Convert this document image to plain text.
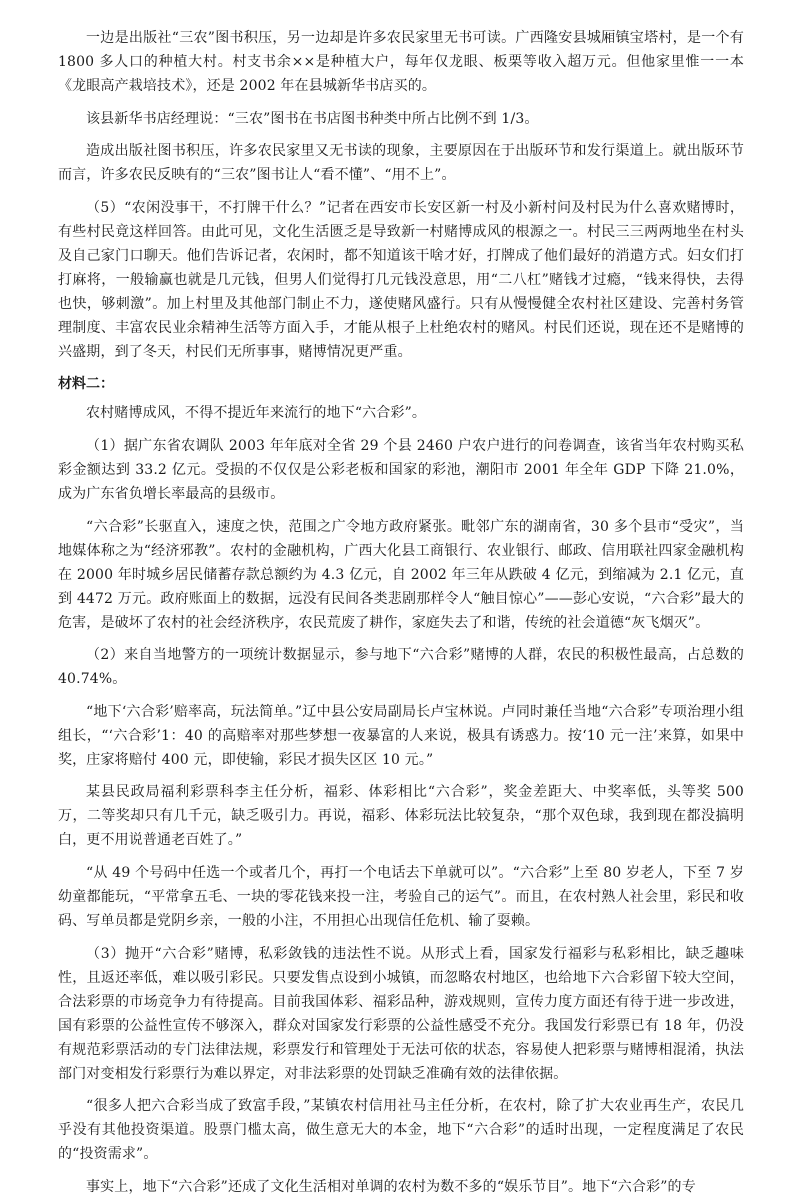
一边是出版社“三农”图书积压，另一边却是许多农民家里无书可读。广西隆安县城厢镇宝塔村，是一个有 1800 多人口的种植大村。村支书余××是种植大户，每年仅龙眼、板栗等收入超万元。但他家里惟一一本《龙眼高产栽培技术》，还是 2002 年在县城新华书店买的。

该县新华书店经理说：“三农”图书在书店图书种类中所占比例不到 1/3。

造成出版社图书积压，许多农民家里又无书读的现象，主要原因在于出版环节和发行渠道上。就出版环节而言，许多农民反映有的“三农”图书让人“看不懂”、“用不上”。

（5）“农闲没事干，不打牌干什么？”记者在西安市长安区新一村及小新村问及村民为什么喜欢赌博时，有些村民竟这样回答。由此可见，文化生活匮乏是导致新一村赌博成风的根源之一。村民三三两两地坐在村头及自己家门口聊天。他们告诉记者，农闲时，都不知道该干啥才好，打牌成了他们最好的消遣方式。妇女们打打麻将，一般输赢也就是几元钱，但男人们觉得打几元钱没意思，用“二八杠”赌钱才过瘾，“钱来得快，去得也快，够刺激”。加上村里及其他部门制止不力，遂使赌风盛行。只有从慢慢健全农村社区建设、完善村务管理制度、丰富农民业余精神生活等方面入手，才能从根子上杜绝农村的赌风。村民们还说，现在还不是赌博的兴盛期，到了冬天，村民们无所事事，赌博情况更严重。

材料二：

农村赌博成风，不得不提近年来流行的地下“六合彩”。

（1）据广东省农调队 2003 年年底对全省 29 个县 2460 户农户进行的问卷调查，该省当年农村购买私彩金额达到 33.2 亿元。受损的不仅仅是公彩老板和国家的彩池，潮阳市 2001 年全年 GDP 下降 21.0%，成为广东省负增长率最高的县级市。

“六合彩”长驱直入，速度之快，范围之广令地方政府紧张。毗邻广东的湖南省，30 多个县市“受灾”，当地媒体称之为“经济邪教”。农村的金融机构，广西大化县工商银行、农业银行、邮政、信用联社四家金融机构在 2000 年时城乡居民储蓄存款总额约为 4.3 亿元，自 2002 年三年从跌破 4 亿元，到缩减为 2.1 亿元，直到 4472 万元。政府账面上的数据，远没有民间各类悲剧那样令人“触目惊心”——彭心安说，“六合彩”最大的危害，是破坏了农村的社会经济秩序，农民荒废了耕作，家庭失去了和谐，传统的社会道德“灰飞烟灭”。

（2）来自当地警方的一项统计数据显示，参与地下“六合彩”赌博的人群，农民的积极性最高，占总数的 40.74%。

“地下‘六合彩’赔率高，玩法简单。”辽中县公安局副局长卢宝林说。卢同时兼任当地“六合彩”专项治理小组组长，“‘六合彩’1：40 的高赔率对那些梦想一夜暴富的人来说，极具有诱惑力。按‘10 元一注’来算，如果中奖，庄家将赔付 400 元，即使输，彩民才损失区区 10 元。”

某县民政局福利彩票科李主任分析，福彩、体彩相比“六合彩”，奖金差距大、中奖率低，头等奖 500 万，二等奖却只有几千元，缺乏吸引力。再说，福彩、体彩玩法比较复杂，“那个双色球，我到现在都没搞明白，更不用说普通老百姓了。”

“从 49 个号码中任选一个或者几个，再打一个电话去下单就可以”。“六合彩”上至 80 岁老人，下至 7 岁幼童都能玩，“平常拿五毛、一块的零花钱来投一注，考验自己的运气”。而且，在农村熟人社会里，彩民和收码、写单员都是党阴乡亲，一般的小注，不用担心出现信任危机、输了耍赖。

（3）抛开“六合彩”赌博，私彩敛钱的违法性不说。从形式上看，国家发行福彩与私彩相比，缺乏趣味性，且返还率低，难以吸引彩民。只要发售点设到小城镇，而忽略农村地区，也给地下六合彩留下较大空间，合法彩票的市场竞争力有待提高。目前我国体彩、福彩品种，游戏规则，宣传力度方面还有待于进一步改进，国有彩票的公益性宣传不够深入，群众对国家发行彩票的公益性感受不充分。我国发行彩票已有 18 年，仍没有规范彩票活动的专门法律法规，彩票发行和管理处于无法可依的状态，容易使人把彩票与赌博相混淆，执法部门对变相发行彩票行为难以界定，对非法彩票的处罚缺乏准确有效的法律依据。

“很多人把六合彩当成了致富手段，”某镇农村信用社马主任分析，在农村，除了扩大农业再生产，农民几乎没有其他投资渠道。股票门槛太高，做生意无大的本金，地下“六合彩”的适时出现，一定程度满足了农民的“投资需求”。

事实上，地下“六合彩”还成了文化生活相对单调的农村为数不多的“娱乐节目”。地下“六合彩”的专
